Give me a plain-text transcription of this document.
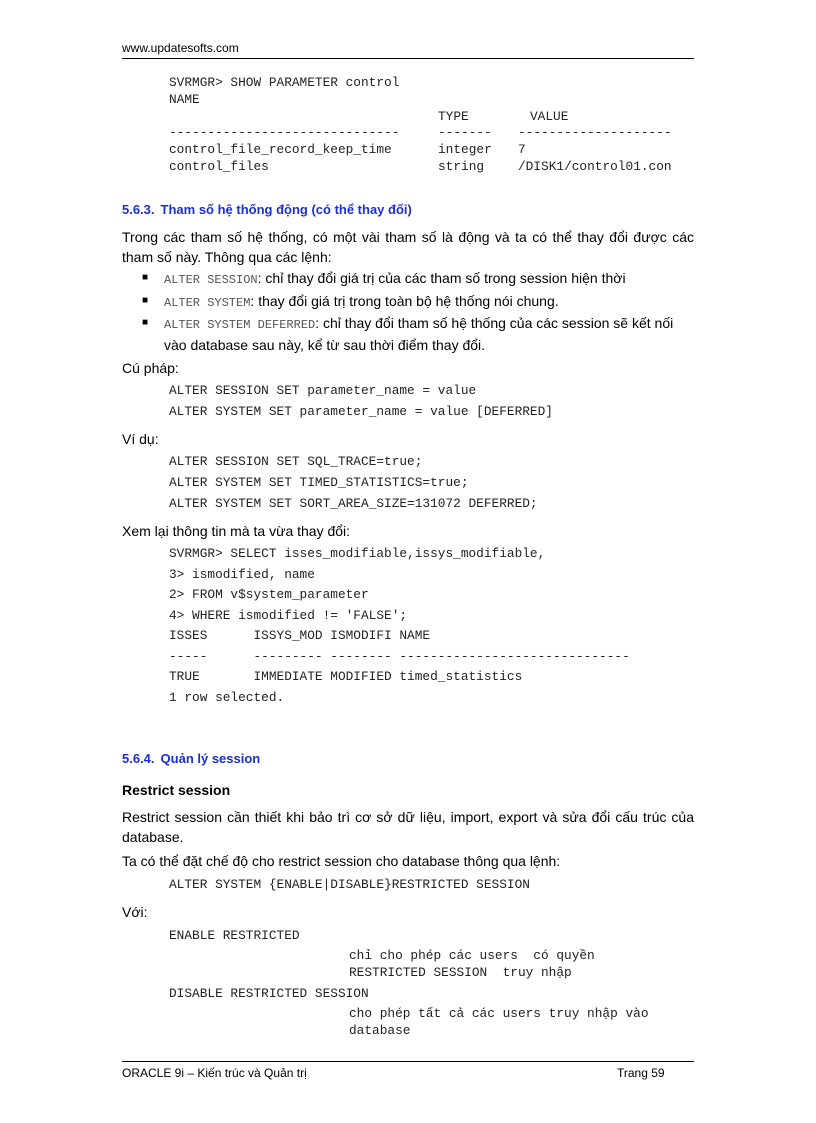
www.updatesofts.com
SVRMGR> SHOW PARAMETER control
NAME
TYPE	VALUE
------------------------------	------- --------------------
control_file_record_keep_time	integer 7
control_files	string	/DISK1/control01.con
5.6.3. Tham số hệ thống động (có thể thay đổi)
Trong các tham số hệ thống, có một vài tham số là động và ta có thể thay đổi được các tham số này. Thông qua các lệnh:
■ ALTER SESSION: chỉ thay đổi giá trị của các tham số trong session hiện thời
■ ALTER SYSTEM: thay đổi giá trị trong toàn bộ hệ thống nói chung.
■ ALTER SYSTEM DEFERRED: chỉ thay đổi tham số hệ thống của các session sẽ kết nối vào database sau này, kể từ sau thời điểm thay đổi.
Cú pháp:
ALTER SESSION SET parameter_name = value
ALTER SYSTEM SET parameter_name = value [DEFERRED]
Ví dụ:
ALTER SESSION SET SQL_TRACE=true;
ALTER SYSTEM SET TIMED_STATISTICS=true;
ALTER SYSTEM SET SORT_AREA_SIZE=131072 DEFERRED;
Xem lại thông tin mà ta vừa thay đổi:
SVRMGR> SELECT isses_modifiable,issys_modifiable,
3> ismodified, name
2> FROM v$system_parameter
4> WHERE ismodified != 'FALSE';
ISSES      ISSYS_MOD ISMODIFI NAME
-----      --------- -------- ------------------------------
TRUE       IMMEDIATE MODIFIED timed_statistics
1 row selected.
5.6.4. Quản lý session
Restrict session
Restrict session cần thiết khi bảo trì cơ sở dữ liệu, import, export và sửa đổi cấu trúc của database.
Ta có thể đặt chế độ cho restrict session cho database thông qua lệnh:
ALTER SYSTEM {ENABLE|DISABLE}RESTRICTED SESSION
Với:
ENABLE RESTRICTED
chỉ cho phép các users  có quyền
RESTRICTED SESSION  truy nhập
DISABLE RESTRICTED SESSION
cho phép tất cả các users truy nhập vào
database
ORACLE 9i – Kiến trúc và Quản trị	Trang 59
